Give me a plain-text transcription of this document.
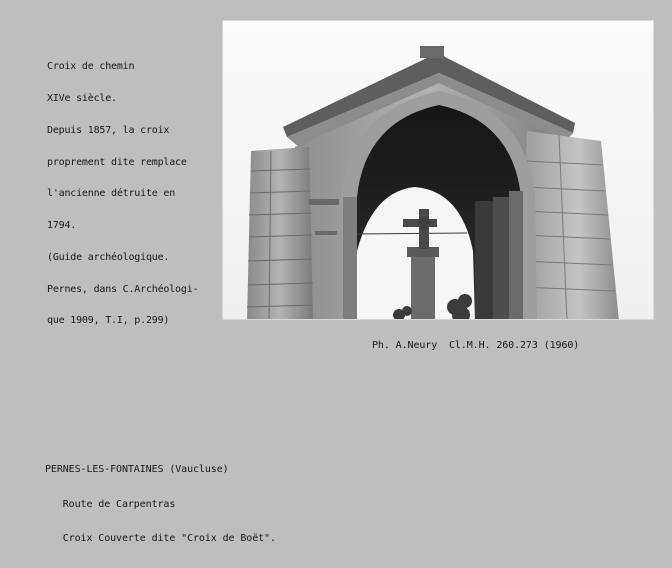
Croix de chemin

XIVe siècle.

Depuis 1857, la croix

proprement dite remplace

l'ancienne détruite en

1794.

(Guide archéologique.

Pernes, dans C.Archéologi-

que 1909, T.I, p.299)

Ph. A.Neury  Cl.M.H. 260.273 (1960)

PERNES-LES-FONTAINES (Vaucluse)

Route de Carpentras

Croix Couverte dite "Croix de Boët".
